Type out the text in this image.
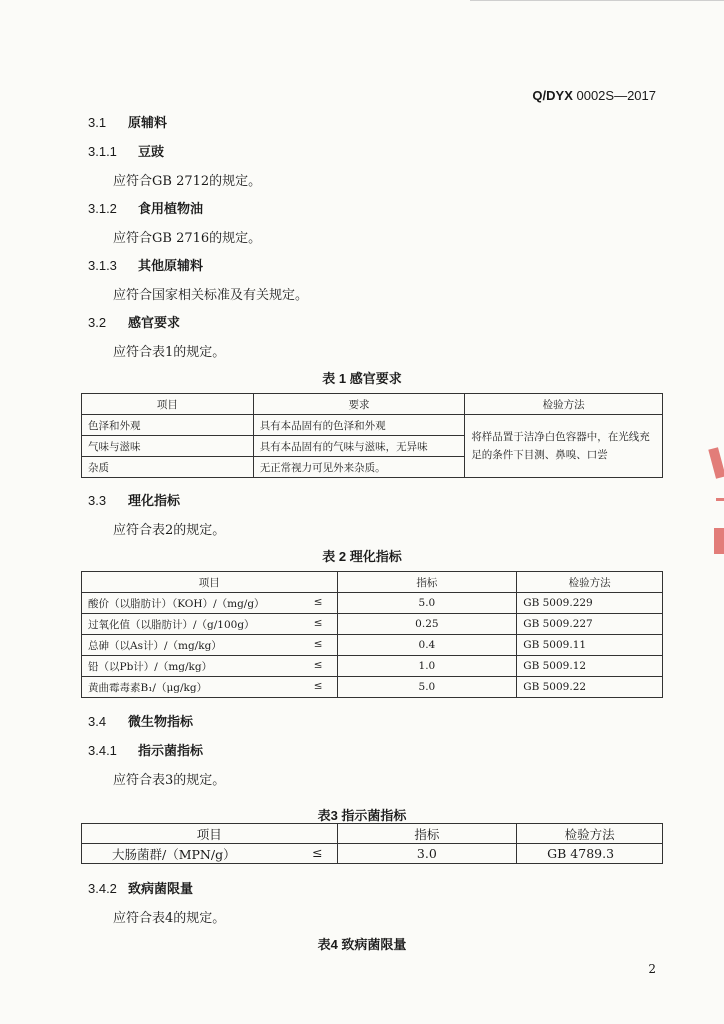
Q/DYX 0002S—2017
3.1 原辅料
3.1.1 豆豉
应符合GB 2712的规定。
3.1.2 食用植物油
应符合GB 2716的规定。
3.1.3 其他原辅料
应符合国家相关标准及有关规定。
3.2 感官要求
应符合表1的规定。
表 1 感官要求
项目	要求	检验方法
色泽和外观	具有本品固有的色泽和外观	将样品置于洁净白色容器中，在光线充足的条件下目测、鼻嗅、口尝
气味与滋味	具有本品固有的气味与滋味，无异味	
杂质	无正常视力可见外来杂质。	
3.3 理化指标
应符合表2的规定。
表 2 理化指标
项目	指标	检验方法
酸价（以脂肪计）（KOH）/（mg/g） ≤	5.0	GB 5009.229
过氧化值（以脂肪计）/（g/100g） ≤	0.25	GB 5009.227
总砷（以As计）/（mg/kg） ≤	0.4	GB 5009.11
铅（以Pb计）/（mg/kg） ≤	1.0	GB 5009.12
黄曲霉毒素B₁/（μg/kg） ≤	5.0	GB 5009.22
3.4 微生物指标
3.4.1 指示菌指标
应符合表3的规定。
表3 指示菌指标
项目	指标	检验方法
大肠菌群/（MPN/g） ≤	3.0	GB 4789.3
3.4.2 致病菌限量
应符合表4的规定。
表4 致病菌限量
2
